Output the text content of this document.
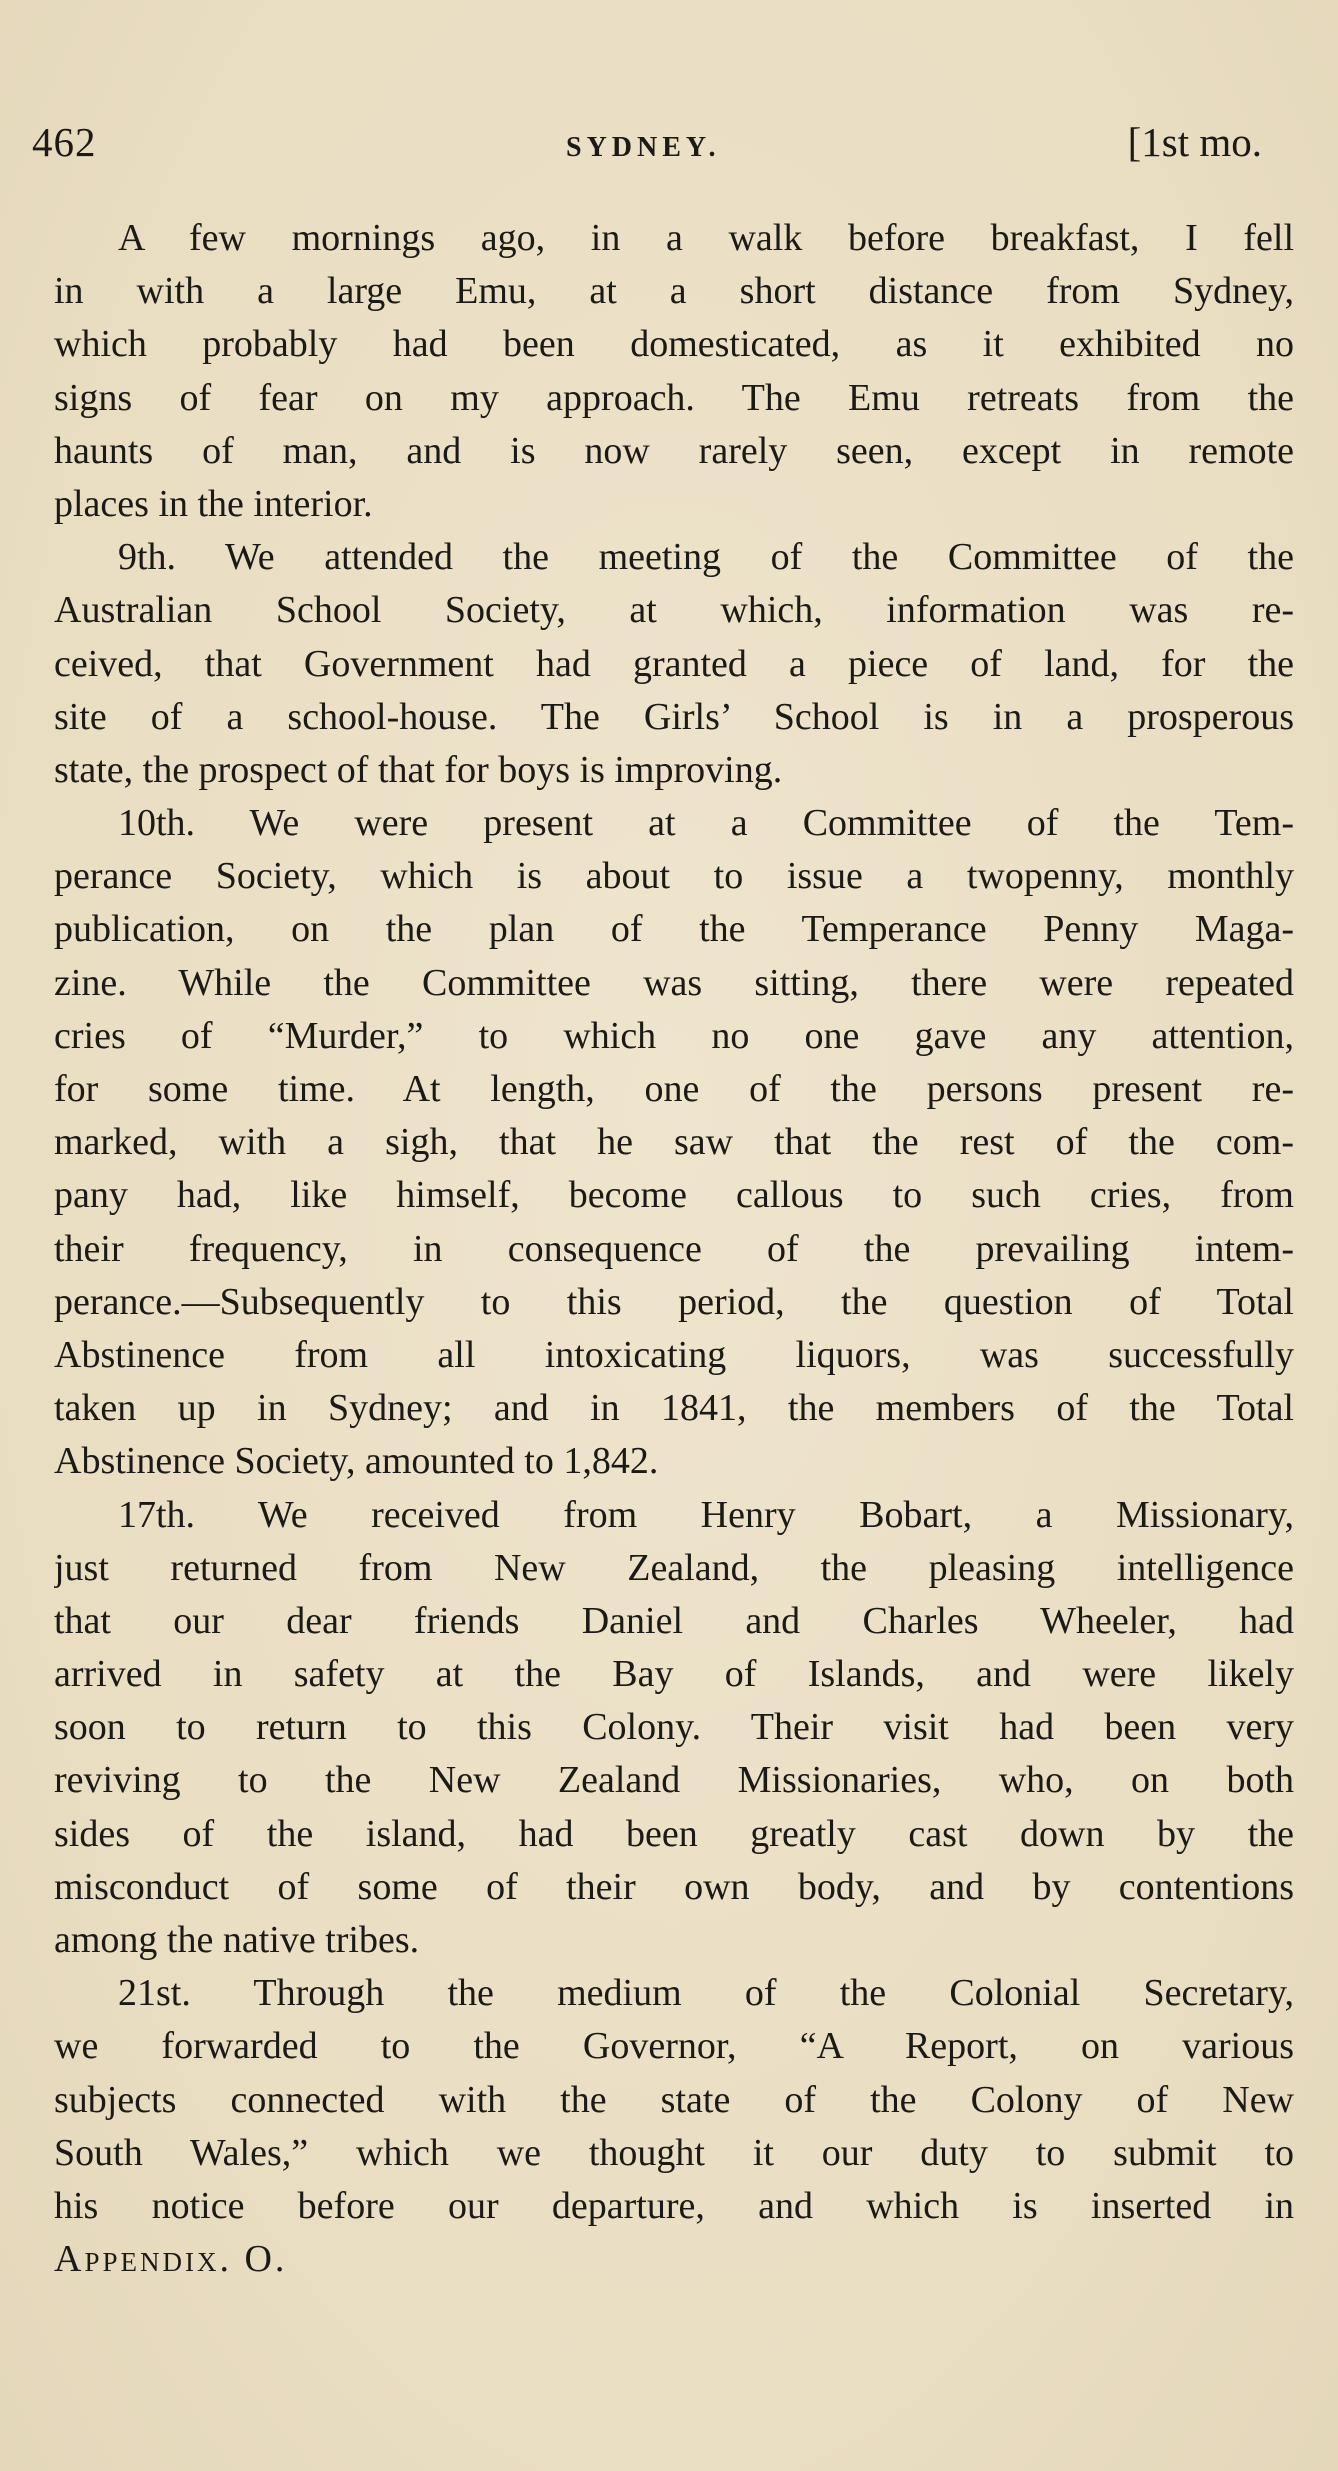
462	SYDNEY.	[1st mo.
A few mornings ago, in a walk before breakfast, I fell
in with a large Emu, at a short distance from Sydney,
which probably had been domesticated, as it exhibited no
signs of fear on my approach. The Emu retreats from the
haunts of man, and is now rarely seen, except in remote
places in the interior.
9th. We attended the meeting of the Committee of the
Australian School Society, at which, information was re-
ceived, that Government had granted a piece of land, for the
site of a school-house. The Girls’ School is in a prosperous
state, the prospect of that for boys is improving.
10th. We were present at a Committee of the Tem-
perance Society, which is about to issue a twopenny, monthly
publication, on the plan of the Temperance Penny Maga-
zine. While the Committee was sitting, there were repeated
cries of “Murder,” to which no one gave any attention,
for some time. At length, one of the persons present re-
marked, with a sigh, that he saw that the rest of the com-
pany had, like himself, become callous to such cries, from
their frequency, in consequence of the prevailing intem-
perance.—Subsequently to this period, the question of Total
Abstinence from all intoxicating liquors, was successfully
taken up in Sydney; and in 1841, the members of the Total
Abstinence Society, amounted to 1,842.
17th. We received from Henry Bobart, a Missionary,
just returned from New Zealand, the pleasing intelligence
that our dear friends Daniel and Charles Wheeler, had
arrived in safety at the Bay of Islands, and were likely
soon to return to this Colony. Their visit had been very
reviving to the New Zealand Missionaries, who, on both
sides of the island, had been greatly cast down by the
misconduct of some of their own body, and by contentions
among the native tribes.
21st. Through the medium of the Colonial Secretary,
we forwarded to the Governor, “A Report, on various
subjects connected with the state of the Colony of New
South Wales,” which we thought it our duty to submit to
his notice before our departure, and which is inserted in
Appendix. O.
